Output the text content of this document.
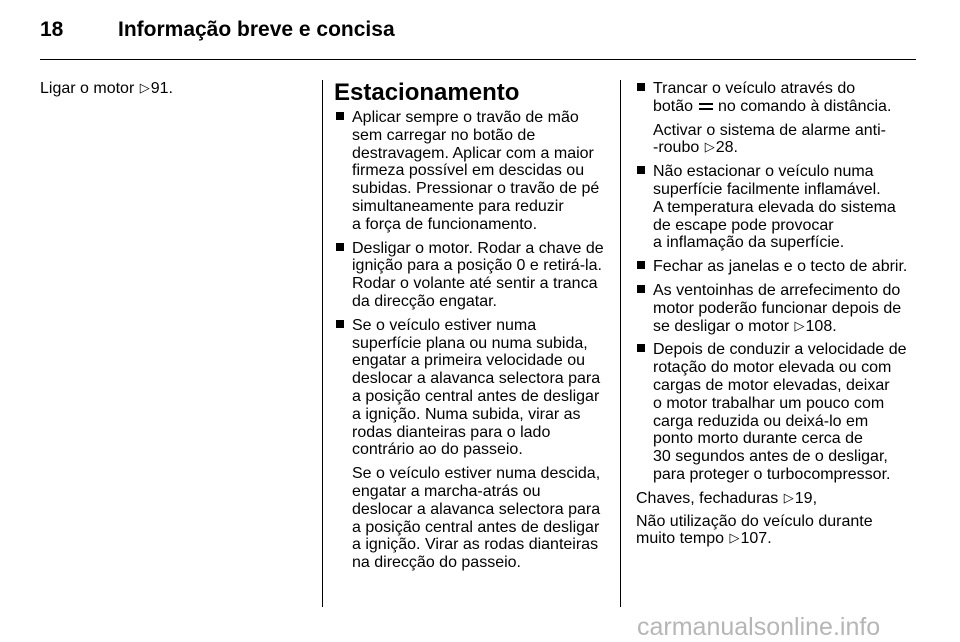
18	Informação breve e concisa
Ligar o motor ▷91.	Estacionamento
Aplicar sempre o travão de mão
sem carregar no botão de
destravagem. Aplicar com a maior
firmeza possível em descidas ou
subidas. Pressionar o travão de pé
simultaneamente para reduzir
a força de funcionamento.
Desligar o motor. Rodar a chave de
ignição para a posição 0 e retirá-la.
Rodar o volante até sentir a tranca
da direcção engatar.
Se o veículo estiver numa
superfície plana ou numa subida,
engatar a primeira velocidade ou
deslocar a alavanca selectora para
a posição central antes de desligar
a ignição. Numa subida, virar as
rodas dianteiras para o lado
contrário ao do passeio.
Se o veículo estiver numa descida,
engatar a marcha-atrás ou
deslocar a alavanca selectora para
a posição central antes de desligar
a ignição. Virar as rodas dianteiras
na direcção do passeio.
Trancar o veículo através do
botão no comando à distância.
Activar o sistema de alarme anti-
-roubo ▷28.
Não estacionar o veículo numa
superfície facilmente inflamável.
A temperatura elevada do sistema
de escape pode provocar
a inflamação da superfície.
Fechar as janelas e o tecto de abrir.
As ventoinhas de arrefecimento do
motor poderão funcionar depois de
se desligar o motor ▷108.
Depois de conduzir a velocidade de
rotação do motor elevada ou com
cargas de motor elevadas, deixar
o motor trabalhar um pouco com
carga reduzida ou deixá-lo em
ponto morto durante cerca de
30 segundos antes de o desligar,
para proteger o turbocompressor.
Chaves, fechaduras ▷19,
Não utilização do veículo durante
muito tempo ▷107.
carmanualsonline.info
